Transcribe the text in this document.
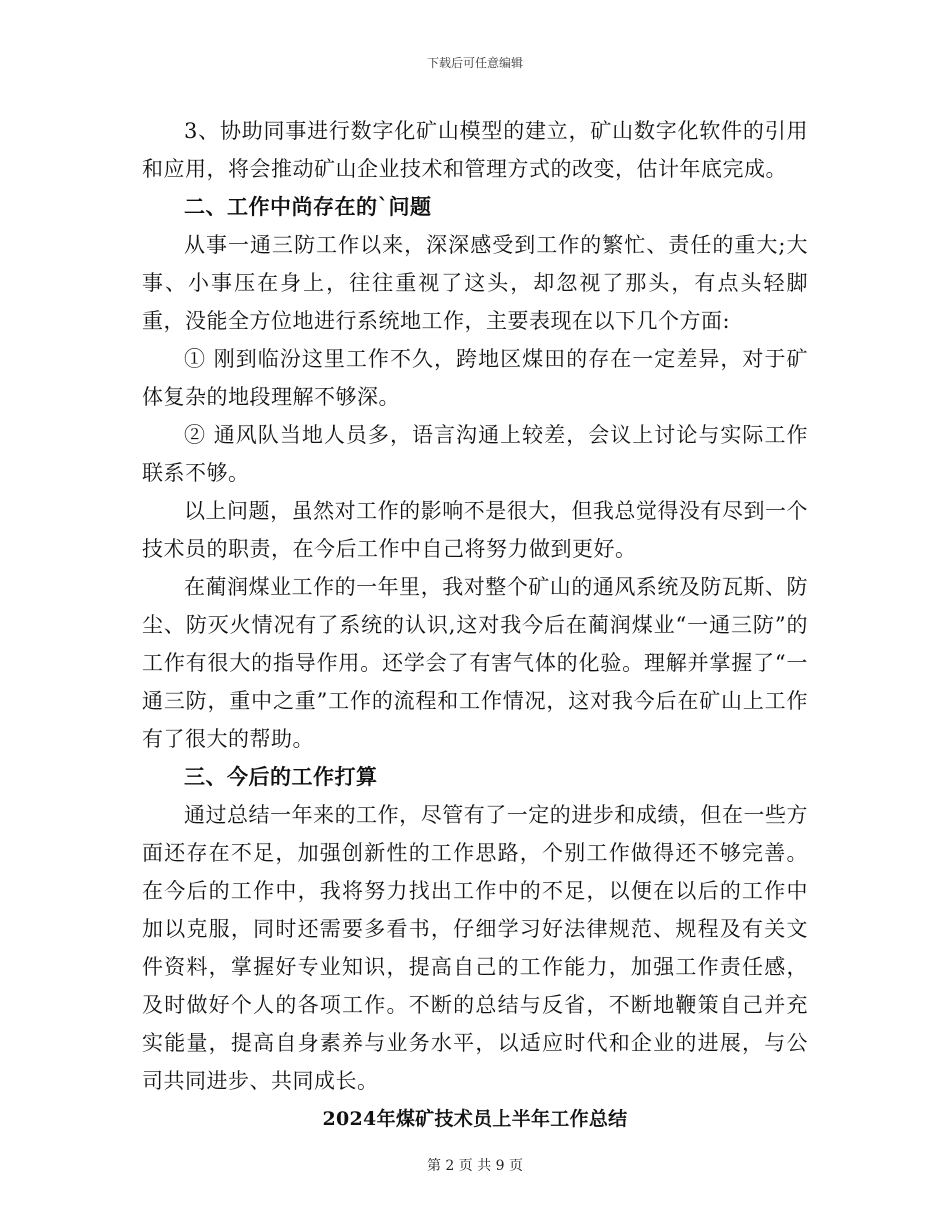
下载后可任意编辑

3、协助同事进行数字化矿山模型的建立，矿山数字化软件的引用和应用，将会推动矿山企业技术和管理方式的改变，估计年底完成。

二、工作中尚存在的`问题

从事一通三防工作以来，深深感受到工作的繁忙、责任的重大;大事、小事压在身上，往往重视了这头，却忽视了那头，有点头轻脚重，没能全方位地进行系统地工作，主要表现在以下几个方面:

① 刚到临汾这里工作不久，跨地区煤田的存在一定差异，对于矿体复杂的地段理解不够深。

② 通风队当地人员多，语言沟通上较差，会议上讨论与实际工作联系不够。

以上问题，虽然对工作的影响不是很大，但我总觉得没有尽到一个技术员的职责，在今后工作中自己将努力做到更好。

在蔺润煤业工作的一年里，我对整个矿山的通风系统及防瓦斯、防尘、防灭火情况有了系统的认识,这对我今后在蔺润煤业“一通三防”的工作有很大的指导作用。还学会了有害气体的化验。理解并掌握了“一通三防，重中之重”工作的流程和工作情况，这对我今后在矿山上工作有了很大的帮助。

三、今后的工作打算

通过总结一年来的工作，尽管有了一定的进步和成绩，但在一些方面还存在不足，加强创新性的工作思路，个别工作做得还不够完善。在今后的工作中，我将努力找出工作中的不足，以便在以后的工作中加以克服，同时还需要多看书，仔细学习好法律规范、规程及有关文件资料，掌握好专业知识，提高自己的工作能力，加强工作责任感，及时做好个人的各项工作。不断的总结与反省，不断地鞭策自己并充实能量，提高自身素养与业务水平，以适应时代和企业的进展，与公司共同进步、共同成长。

2024年煤矿技术员上半年工作总结

第 2 页 共 9 页
